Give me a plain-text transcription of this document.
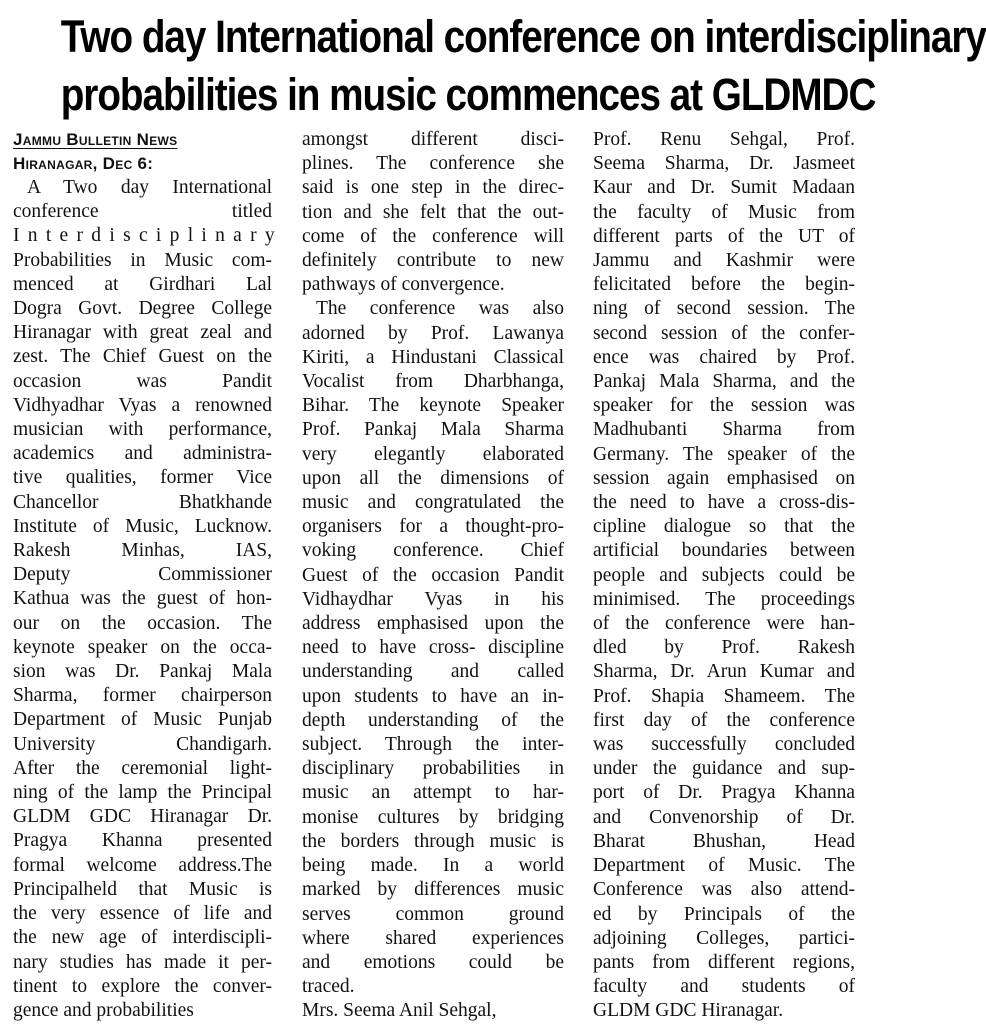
Two day International conference on interdisciplinary
probabilities in music commences at GLDMDC
Jammu Bulletin News
Hiranagar, Dec 6:
A Two day International
conference titled
Interdisciplinary
Probabilities in Music com-
menced at Girdhari Lal
Dogra Govt. Degree College
Hiranagar with great zeal and
zest. The Chief Guest on the
occasion was Pandit
Vidhyadhar Vyas a renowned
musician with performance,
academics and administra-
tive qualities, former Vice
Chancellor Bhatkhande
Institute of Music, Lucknow.
Rakesh Minhas, IAS,
Deputy Commissioner
Kathua was the guest of hon-
our on the occasion. The
keynote speaker on the occa-
sion was Dr. Pankaj Mala
Sharma, former chairperson
Department of Music Punjab
University Chandigarh.
After the ceremonial light-
ning of the lamp the Principal
GLDM GDC Hiranagar Dr.
Pragya Khanna presented
formal welcome address.The
Principalheld that Music is
the very essence of life and
the new age of interdiscipli-
nary studies has made it per-
tinent to explore the conver-
gence and probabilities
amongst different disci-
plines. The conference she
said is one step in the direc-
tion and she felt that the out-
come of the conference will
definitely contribute to new
pathways of convergence.
The conference was also
adorned by Prof. Lawanya
Kiriti, a Hindustani Classical
Vocalist from Dharbhanga,
Bihar. The keynote Speaker
Prof. Pankaj Mala Sharma
very elegantly elaborated
upon all the dimensions of
music and congratulated the
organisers for a thought-pro-
voking conference. Chief
Guest of the occasion Pandit
Vidhaydhar Vyas in his
address emphasised upon the
need to have cross- discipline
understanding and called
upon students to have an in-
depth understanding of the
subject. Through the inter-
disciplinary probabilities in
music an attempt to har-
monise cultures by bridging
the borders through music is
being made. In a world
marked by differences music
serves common ground
where shared experiences
and emotions could be
traced.
Mrs. Seema Anil Sehgal,
Prof. Renu Sehgal, Prof.
Seema Sharma, Dr. Jasmeet
Kaur and Dr. Sumit Madaan
the faculty of Music from
different parts of the UT of
Jammu and Kashmir were
felicitated before the begin-
ning of second session. The
second session of the confer-
ence was chaired by Prof.
Pankaj Mala Sharma, and the
speaker for the session was
Madhubanti Sharma from
Germany. The speaker of the
session again emphasised on
the need to have a cross-dis-
cipline dialogue so that the
artificial boundaries between
people and subjects could be
minimised. The proceedings
of the conference were han-
dled by Prof. Rakesh
Sharma, Dr. Arun Kumar and
Prof. Shapia Shameem. The
first day of the conference
was successfully concluded
under the guidance and sup-
port of Dr. Pragya Khanna
and Convenorship of Dr.
Bharat Bhushan, Head
Department of Music. The
Conference was also attend-
ed by Principals of the
adjoining Colleges, partici-
pants from different regions,
faculty and students of
GLDM GDC Hiranagar.
